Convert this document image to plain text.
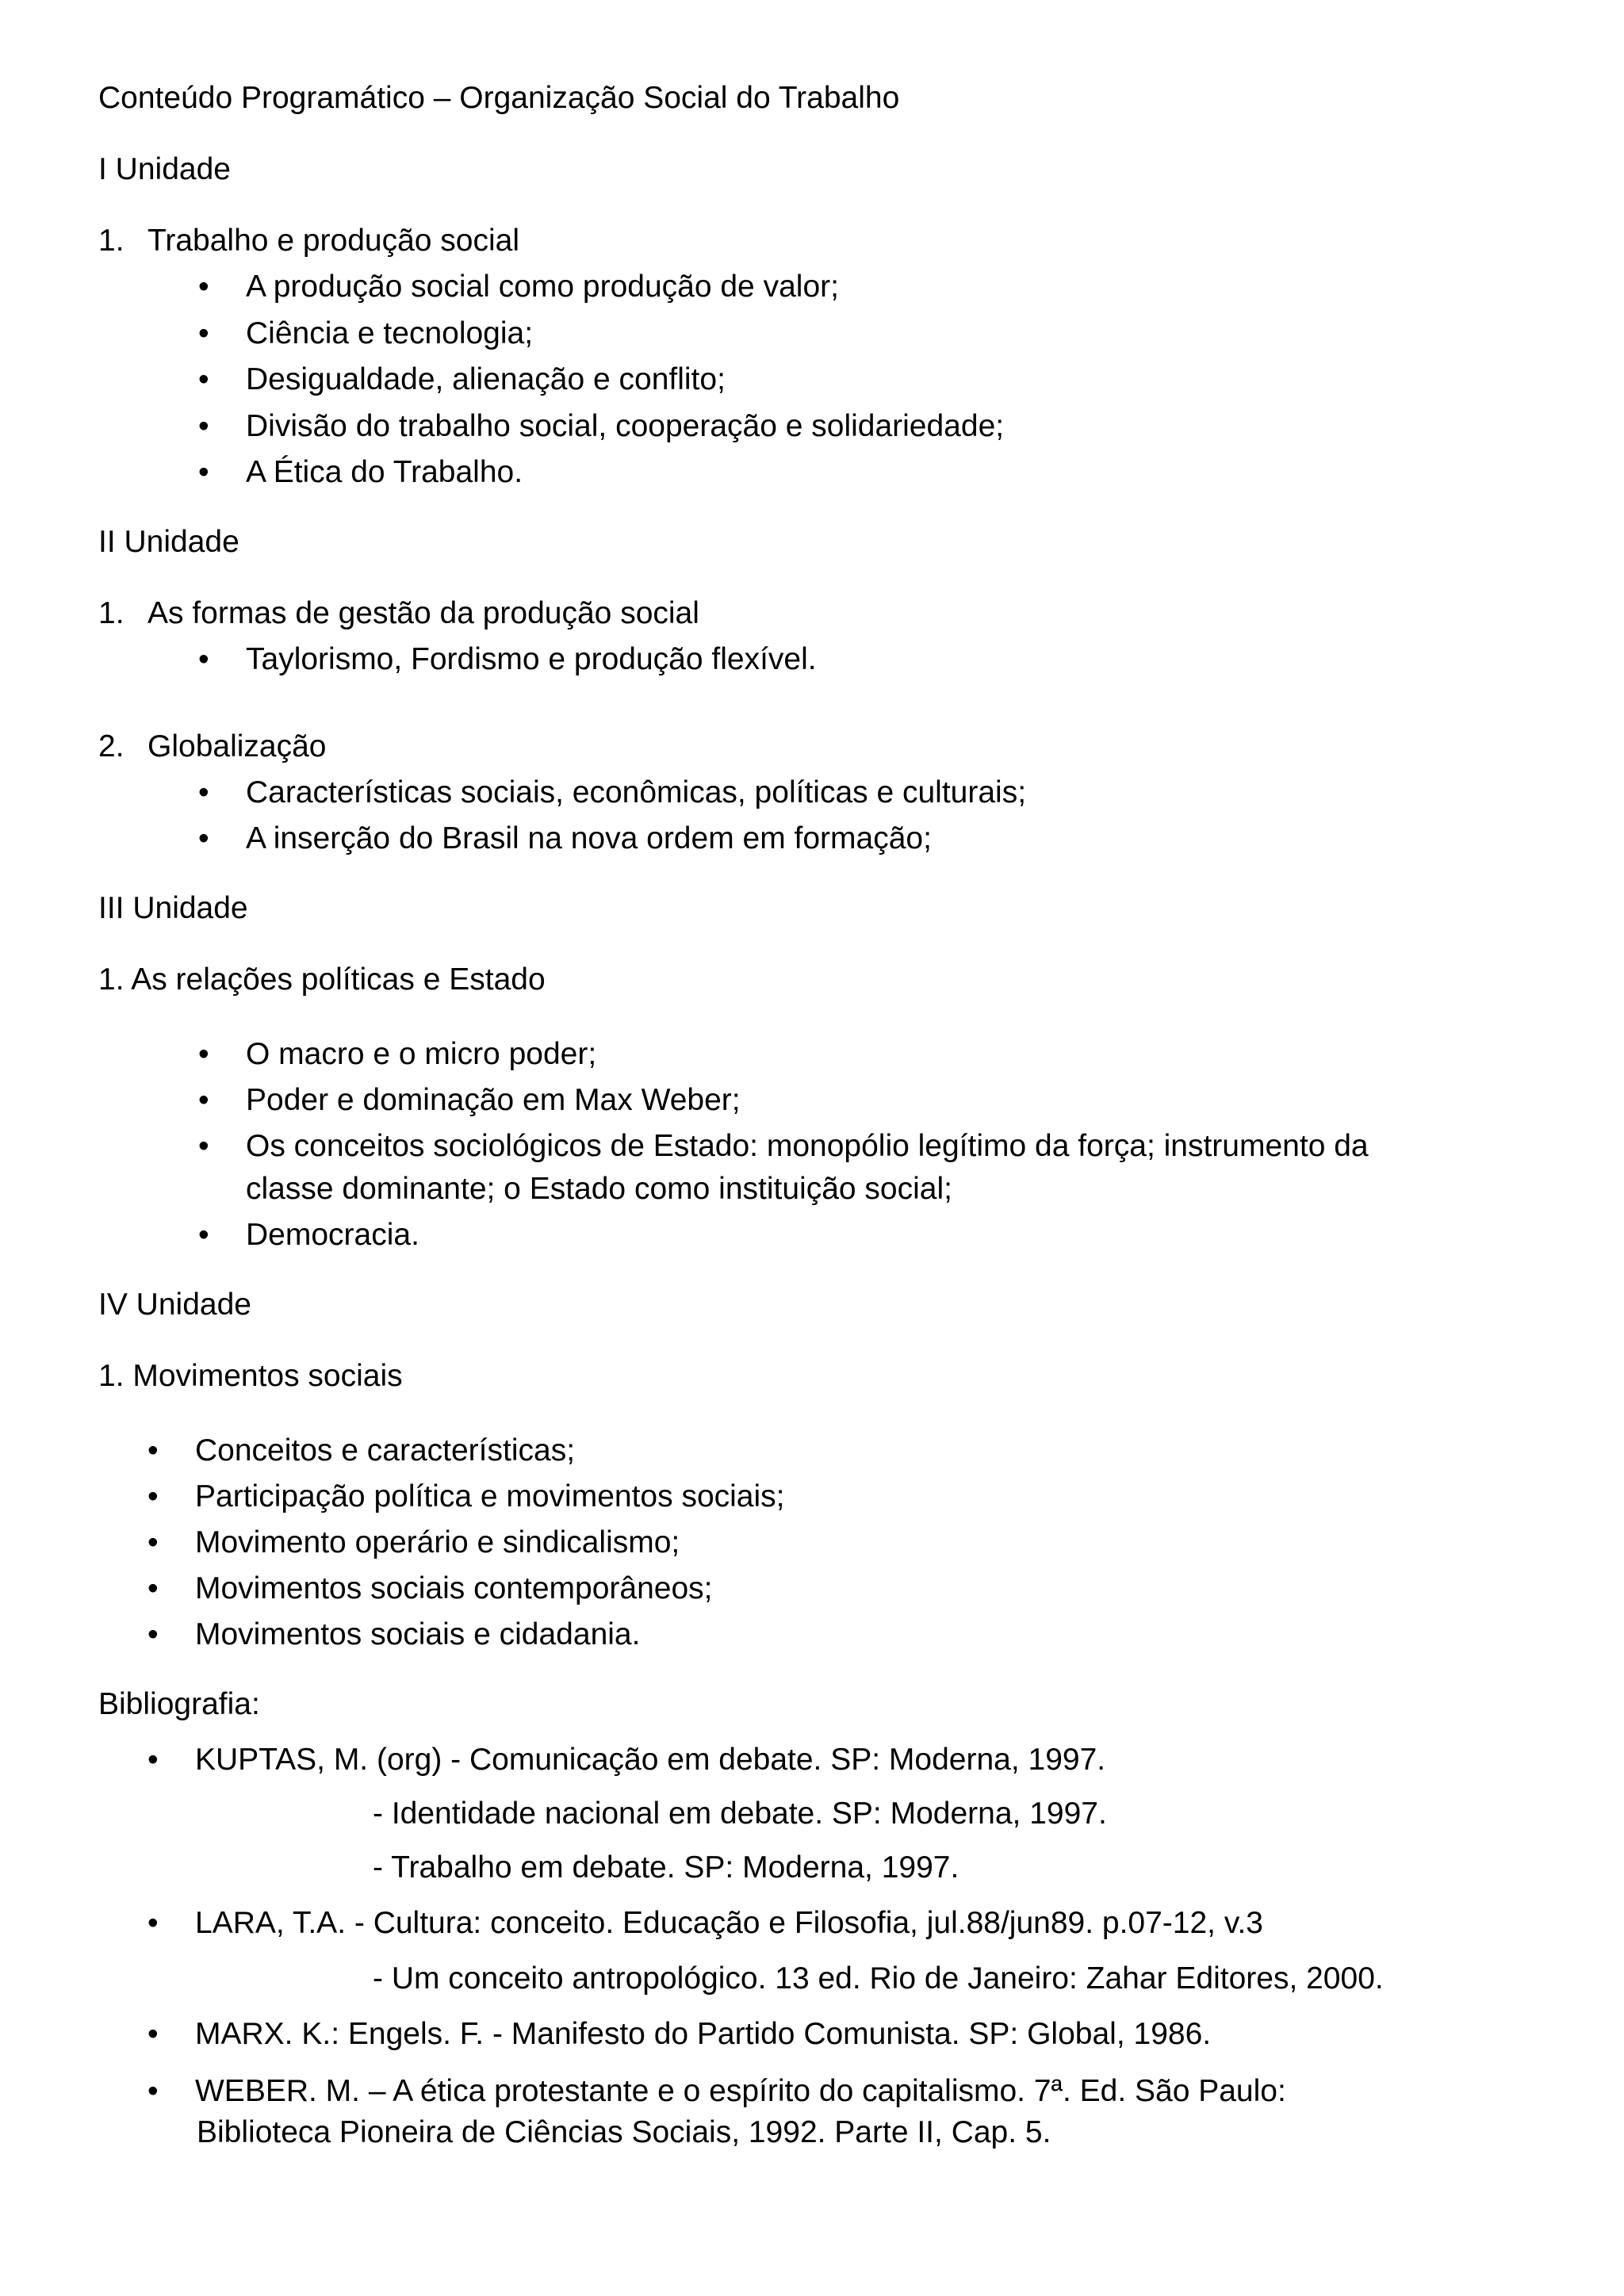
Conteúdo Programático – Organização Social do Trabalho
I Unidade
1. Trabalho e produção social
• A produção social como produção de valor;
• Ciência e tecnologia;
• Desigualdade, alienação e conflito;
• Divisão do trabalho social, cooperação e solidariedade;
• A Ética do Trabalho.
II Unidade
1. As formas de gestão da produção social
• Taylorismo, Fordismo e produção flexível.
2. Globalização
• Características sociais, econômicas, políticas e culturais;
• A inserção do Brasil na nova ordem em formação;
III Unidade
1. As relações políticas e Estado
• O macro e o micro poder;
• Poder e dominação em Max Weber;
• Os conceitos sociológicos de Estado: monopólio legítimo da força; instrumento da
classe dominante; o Estado como instituição social;
• Democracia.
IV Unidade
1. Movimentos sociais
• Conceitos e características;
• Participação política e movimentos sociais;
• Movimento operário e sindicalismo;
• Movimentos sociais contemporâneos;
• Movimentos sociais e cidadania.
Bibliografia:
• KUPTAS, M. (org) - Comunicação em debate. SP: Moderna, 1997.
- Identidade nacional em debate. SP: Moderna, 1997.
- Trabalho em debate. SP: Moderna, 1997.
• LARA, T.A. - Cultura: conceito. Educação e Filosofia, jul.88/jun89. p.07-12, v.3
- Um conceito antropológico. 13 ed. Rio de Janeiro: Zahar Editores, 2000.
• MARX. K.: Engels. F. - Manifesto do Partido Comunista. SP: Global, 1986.
• WEBER. M. – A ética protestante e o espírito do capitalismo. 7ª. Ed. São Paulo:
Biblioteca Pioneira de Ciências Sociais, 1992. Parte II, Cap. 5.
